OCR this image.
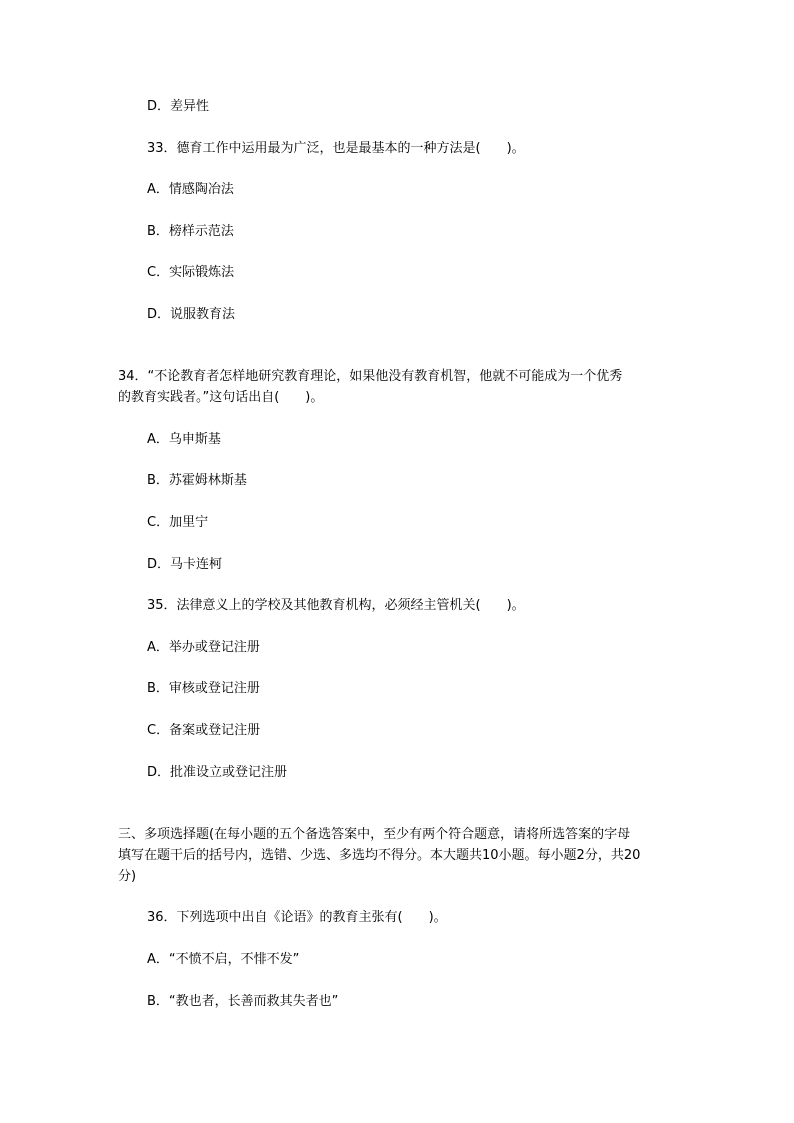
D．差异性
33．德育工作中运用最为广泛，也是最基本的一种方法是(　　)。
A．情感陶冶法
B．榜样示范法
C．实际锻炼法
D．说服教育法
34．“不论教育者怎样地研究教育理论，如果他没有教育机智，他就不可能成为一个优秀
的教育实践者。”这句话出自(　　)。
A．乌申斯基
B．苏霍姆林斯基
C．加里宁
D．马卡连柯
35．法律意义上的学校及其他教育机构，必须经主管机关(　　)。
A．举办或登记注册
B．审核或登记注册
C．备案或登记注册
D．批准设立或登记注册
三、多项选择题(在每小题的五个备选答案中，至少有两个符合题意，请将所选答案的字母
填写在题干后的括号内，选错、少选、多选均不得分。本大题共10小题。每小题2分，共20
分)
36．下列选项中出自《论语》的教育主张有(　　)。
A．“不愤不启，不悱不发”
B．“教也者，长善而救其失者也”
